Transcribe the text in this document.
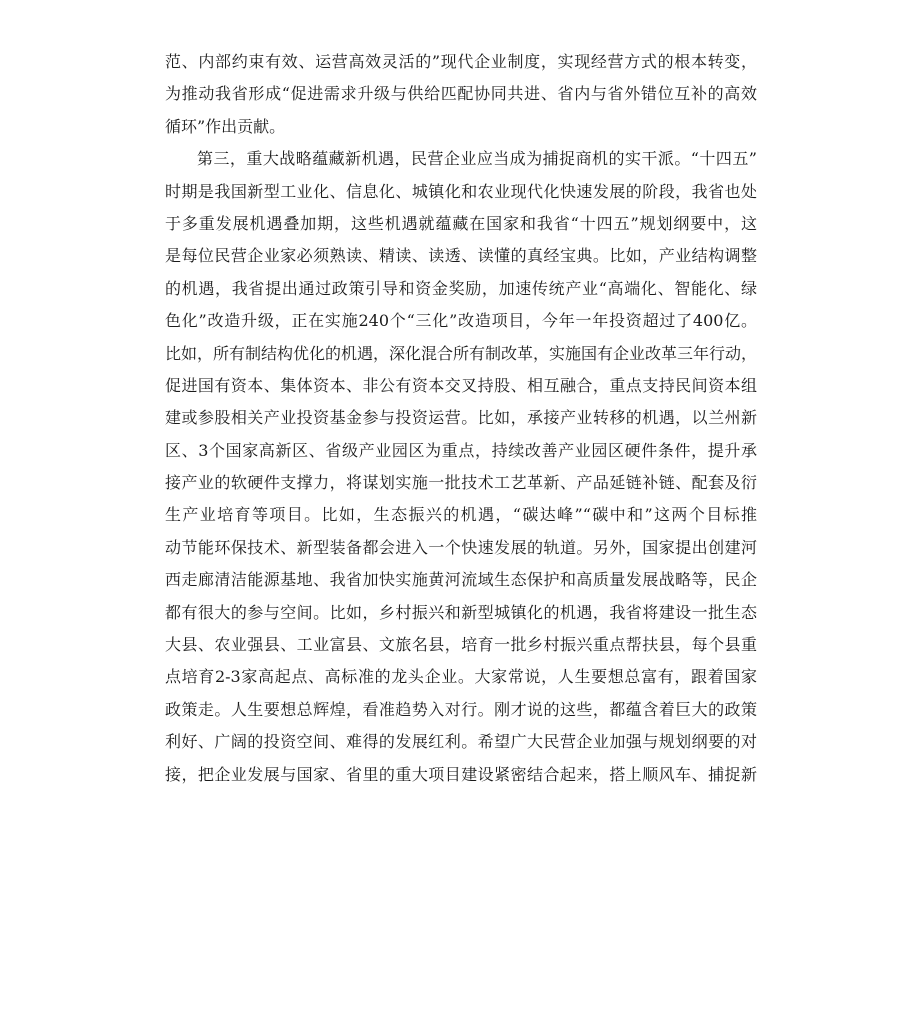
范、内部约束有效、运营高效灵活的”现代企业制度，实现经营方式的根本转变，
为推动我省形成“促进需求升级与供给匹配协同共进、省内与省外错位互补的高效
循环”作出贡献。
第三，重大战略蕴藏新机遇，民营企业应当成为捕捉商机的实干派。“十四五”
时期是我国新型工业化、信息化、城镇化和农业现代化快速发展的阶段，我省也处
于多重发展机遇叠加期，这些机遇就蕴藏在国家和我省“十四五”规划纲要中，这
是每位民营企业家必须熟读、精读、读透、读懂的真经宝典。比如，产业结构调整
的机遇，我省提出通过政策引导和资金奖励，加速传统产业“高端化、智能化、绿
色化”改造升级，正在实施240个“三化”改造项目，今年一年投资超过了400亿。
比如，所有制结构优化的机遇，深化混合所有制改革，实施国有企业改革三年行动，
促进国有资本、集体资本、非公有资本交叉持股、相互融合，重点支持民间资本组
建或参股相关产业投资基金参与投资运营。比如，承接产业转移的机遇，以兰州新
区、3个国家高新区、省级产业园区为重点，持续改善产业园区硬件条件，提升承
接产业的软硬件支撑力，将谋划实施一批技术工艺革新、产品延链补链、配套及衍
生产业培育等项目。比如，生态振兴的机遇，“碳达峰”“碳中和”这两个目标推
动节能环保技术、新型装备都会进入一个快速发展的轨道。另外，国家提出创建河
西走廊清洁能源基地、我省加快实施黄河流域生态保护和高质量发展战略等，民企
都有很大的参与空间。比如，乡村振兴和新型城镇化的机遇，我省将建设一批生态
大县、农业强县、工业富县、文旅名县，培育一批乡村振兴重点帮扶县，每个县重
点培育2-3家高起点、高标准的龙头企业。大家常说，人生要想总富有，跟着国家
政策走。人生要想总辉煌，看准趋势入对行。刚才说的这些，都蕴含着巨大的政策
利好、广阔的投资空间、难得的发展红利。希望广大民营企业加强与规划纲要的对
接，把企业发展与国家、省里的重大项目建设紧密结合起来，搭上顺风车、捕捉新
